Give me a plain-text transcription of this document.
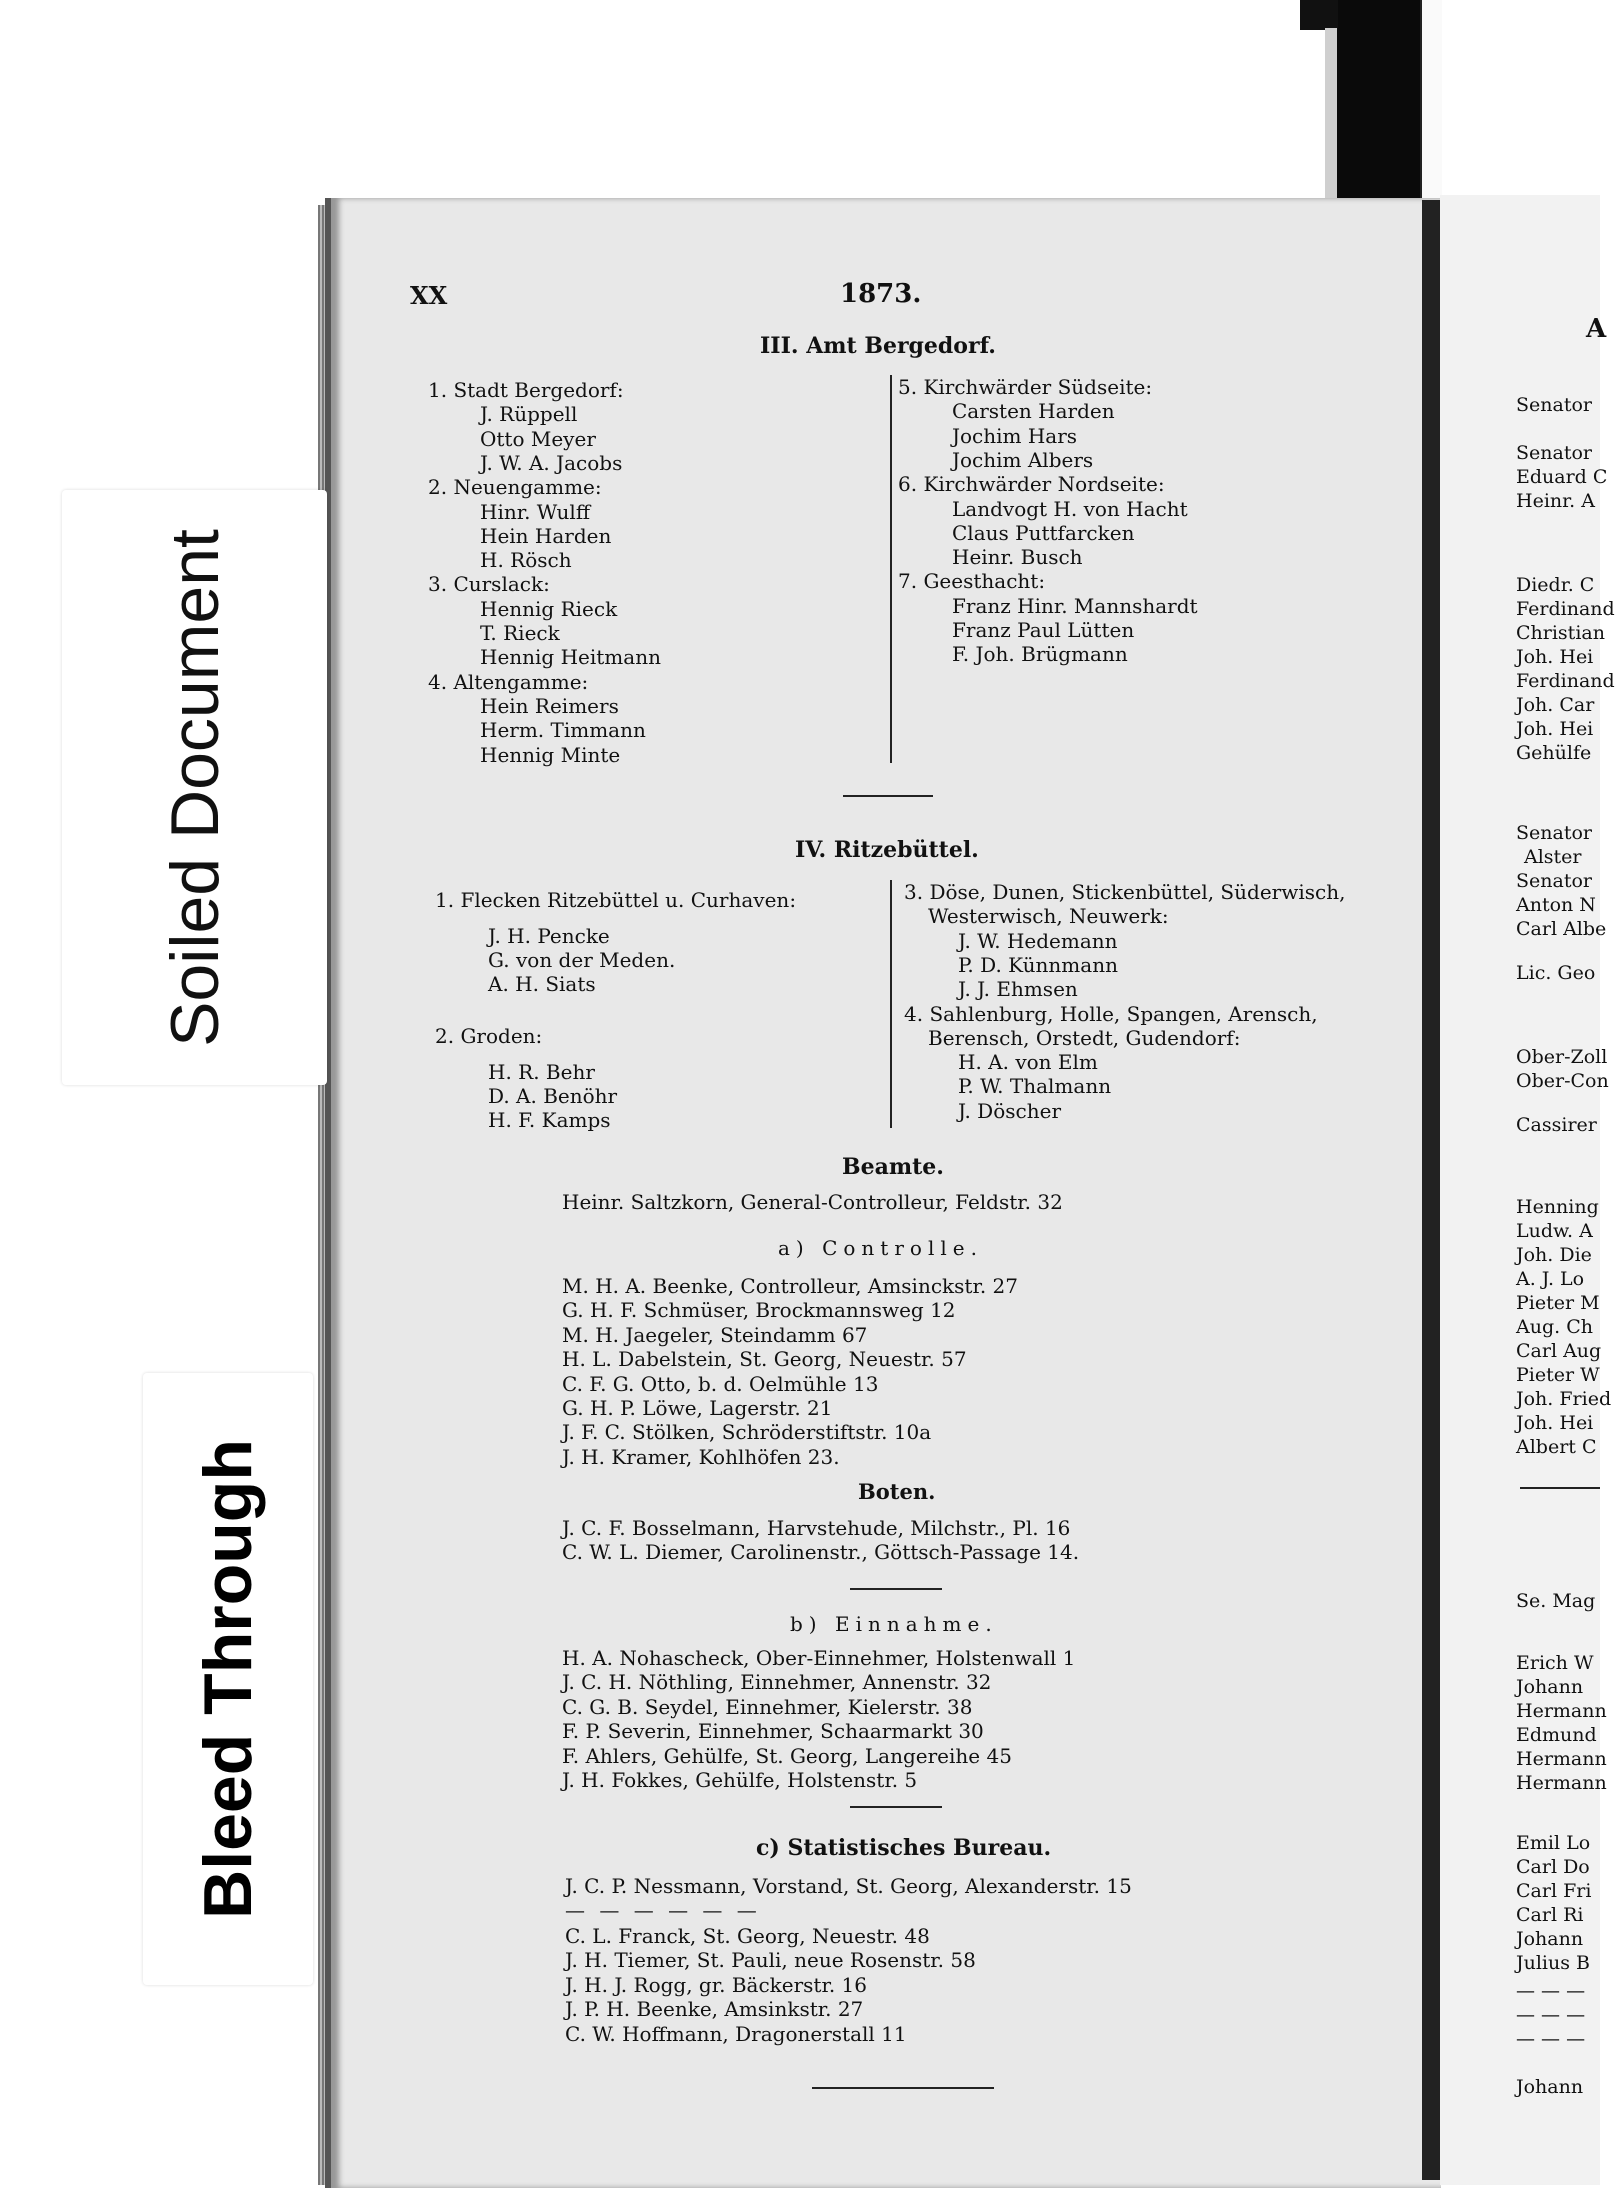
A
Senator
Senator
Eduard C
Heinr. A
Diedr. C
Ferdinand
Christian
Joh. Hei
Ferdinand
Joh. Car
Joh. Hei
Gehülfe
Senator
Alster
Senator
Anton N
Carl Albe
Lic. Geo
Ober-Zoll
Ober-Con
Cassirer
Henning
Ludw. A
Joh. Die
A. J. Lo
Pieter M
Aug. Ch
Carl Aug
Pieter W
Joh. Fried
Joh. Hei
Albert C
Se. Mag
Erich W
Johann
Hermann
Edmund
Hermann
Hermann
Emil Lo
Carl Do
Carl Fri
Carl Ri
Johann
Julius B
Johann
— — —
— — —
— — —
Soiled Document
Bleed Through
XX	1873.
III. Amt Bergedorf.
1. Stadt Bergedorf:
J. Rüppell
Otto Meyer
J. W. A. Jacobs
2. Neuengamme:
Hinr. Wulff
Hein Harden
H. Rösch
3. Curslack:
Hennig Rieck
T. Rieck
Hennig Heitmann
4. Altengamme:
Hein Reimers
Herm. Timmann
Hennig Minte
5. Kirchwärder Südseite:
Carsten Harden
Jochim Hars
Jochim Albers
6. Kirchwärder Nordseite:
Landvogt H. von Hacht
Claus Puttfarcken
Heinr. Busch
7. Geesthacht:
Franz Hinr. Mannshardt
Franz Paul Lütten
F. Joh. Brügmann
IV. Ritzebüttel.
1. Flecken Ritzebüttel u. Curhaven:
J. H. Pencke
G. von der Meden.
A. H. Siats
2. Groden:
H. R. Behr
D. A. Benöhr
H. F. Kamps
3. Döse, Dunen, Stickenbüttel, Süderwisch,
Westerwisch, Neuwerk:
J. W. Hedemann
P. D. Künnmann
J. J. Ehmsen
4. Sahlenburg, Holle, Spangen, Arensch,
Berensch, Orstedt, Gudendorf:
H. A. von Elm
P. W. Thalmann
J. Döscher
Beamte.
Heinr. Saltzkorn, General-Controlleur, Feldstr. 32
a) Controlle.
M. H. A. Beenke, Controlleur, Amsinckstr. 27
G. H. F. Schmüser, Brockmannsweg 12
M. H. Jaegeler, Steindamm 67
H. L. Dabelstein, St. Georg, Neuestr. 57
C. F. G. Otto, b. d. Oelmühle 13
G. H. P. Löwe, Lagerstr. 21
J. F. C. Stölken, Schröderstiftstr. 10a
J. H. Kramer, Kohlhöfen 23.
Boten.
J. C. F. Bosselmann, Harvstehude, Milchstr., Pl. 16
C. W. L. Diemer, Carolinenstr., Göttsch-Passage 14.
b) Einnahme.
H. A. Nohascheck, Ober-Einnehmer, Holstenwall 1
J. C. H. Nöthling, Einnehmer, Annenstr. 32
C. G. B. Seydel, Einnehmer, Kielerstr. 38
F. P. Severin, Einnehmer, Schaarmarkt 30
F. Ahlers, Gehülfe, St. Georg, Langereihe 45
J. H. Fokkes, Gehülfe, Holstenstr. 5
c) Statistisches Bureau.
J. C. P. Nessmann, Vorstand, St. Georg, Alexanderstr. 15
— — — — — —
C. L. Franck, St. Georg, Neuestr. 48
J. H. Tiemer, St. Pauli, neue Rosenstr. 58
J. H. J. Rogg, gr. Bäckerstr. 16
J. P. H. Beenke, Amsinkstr. 27
C. W. Hoffmann, Dragonerstall 11
